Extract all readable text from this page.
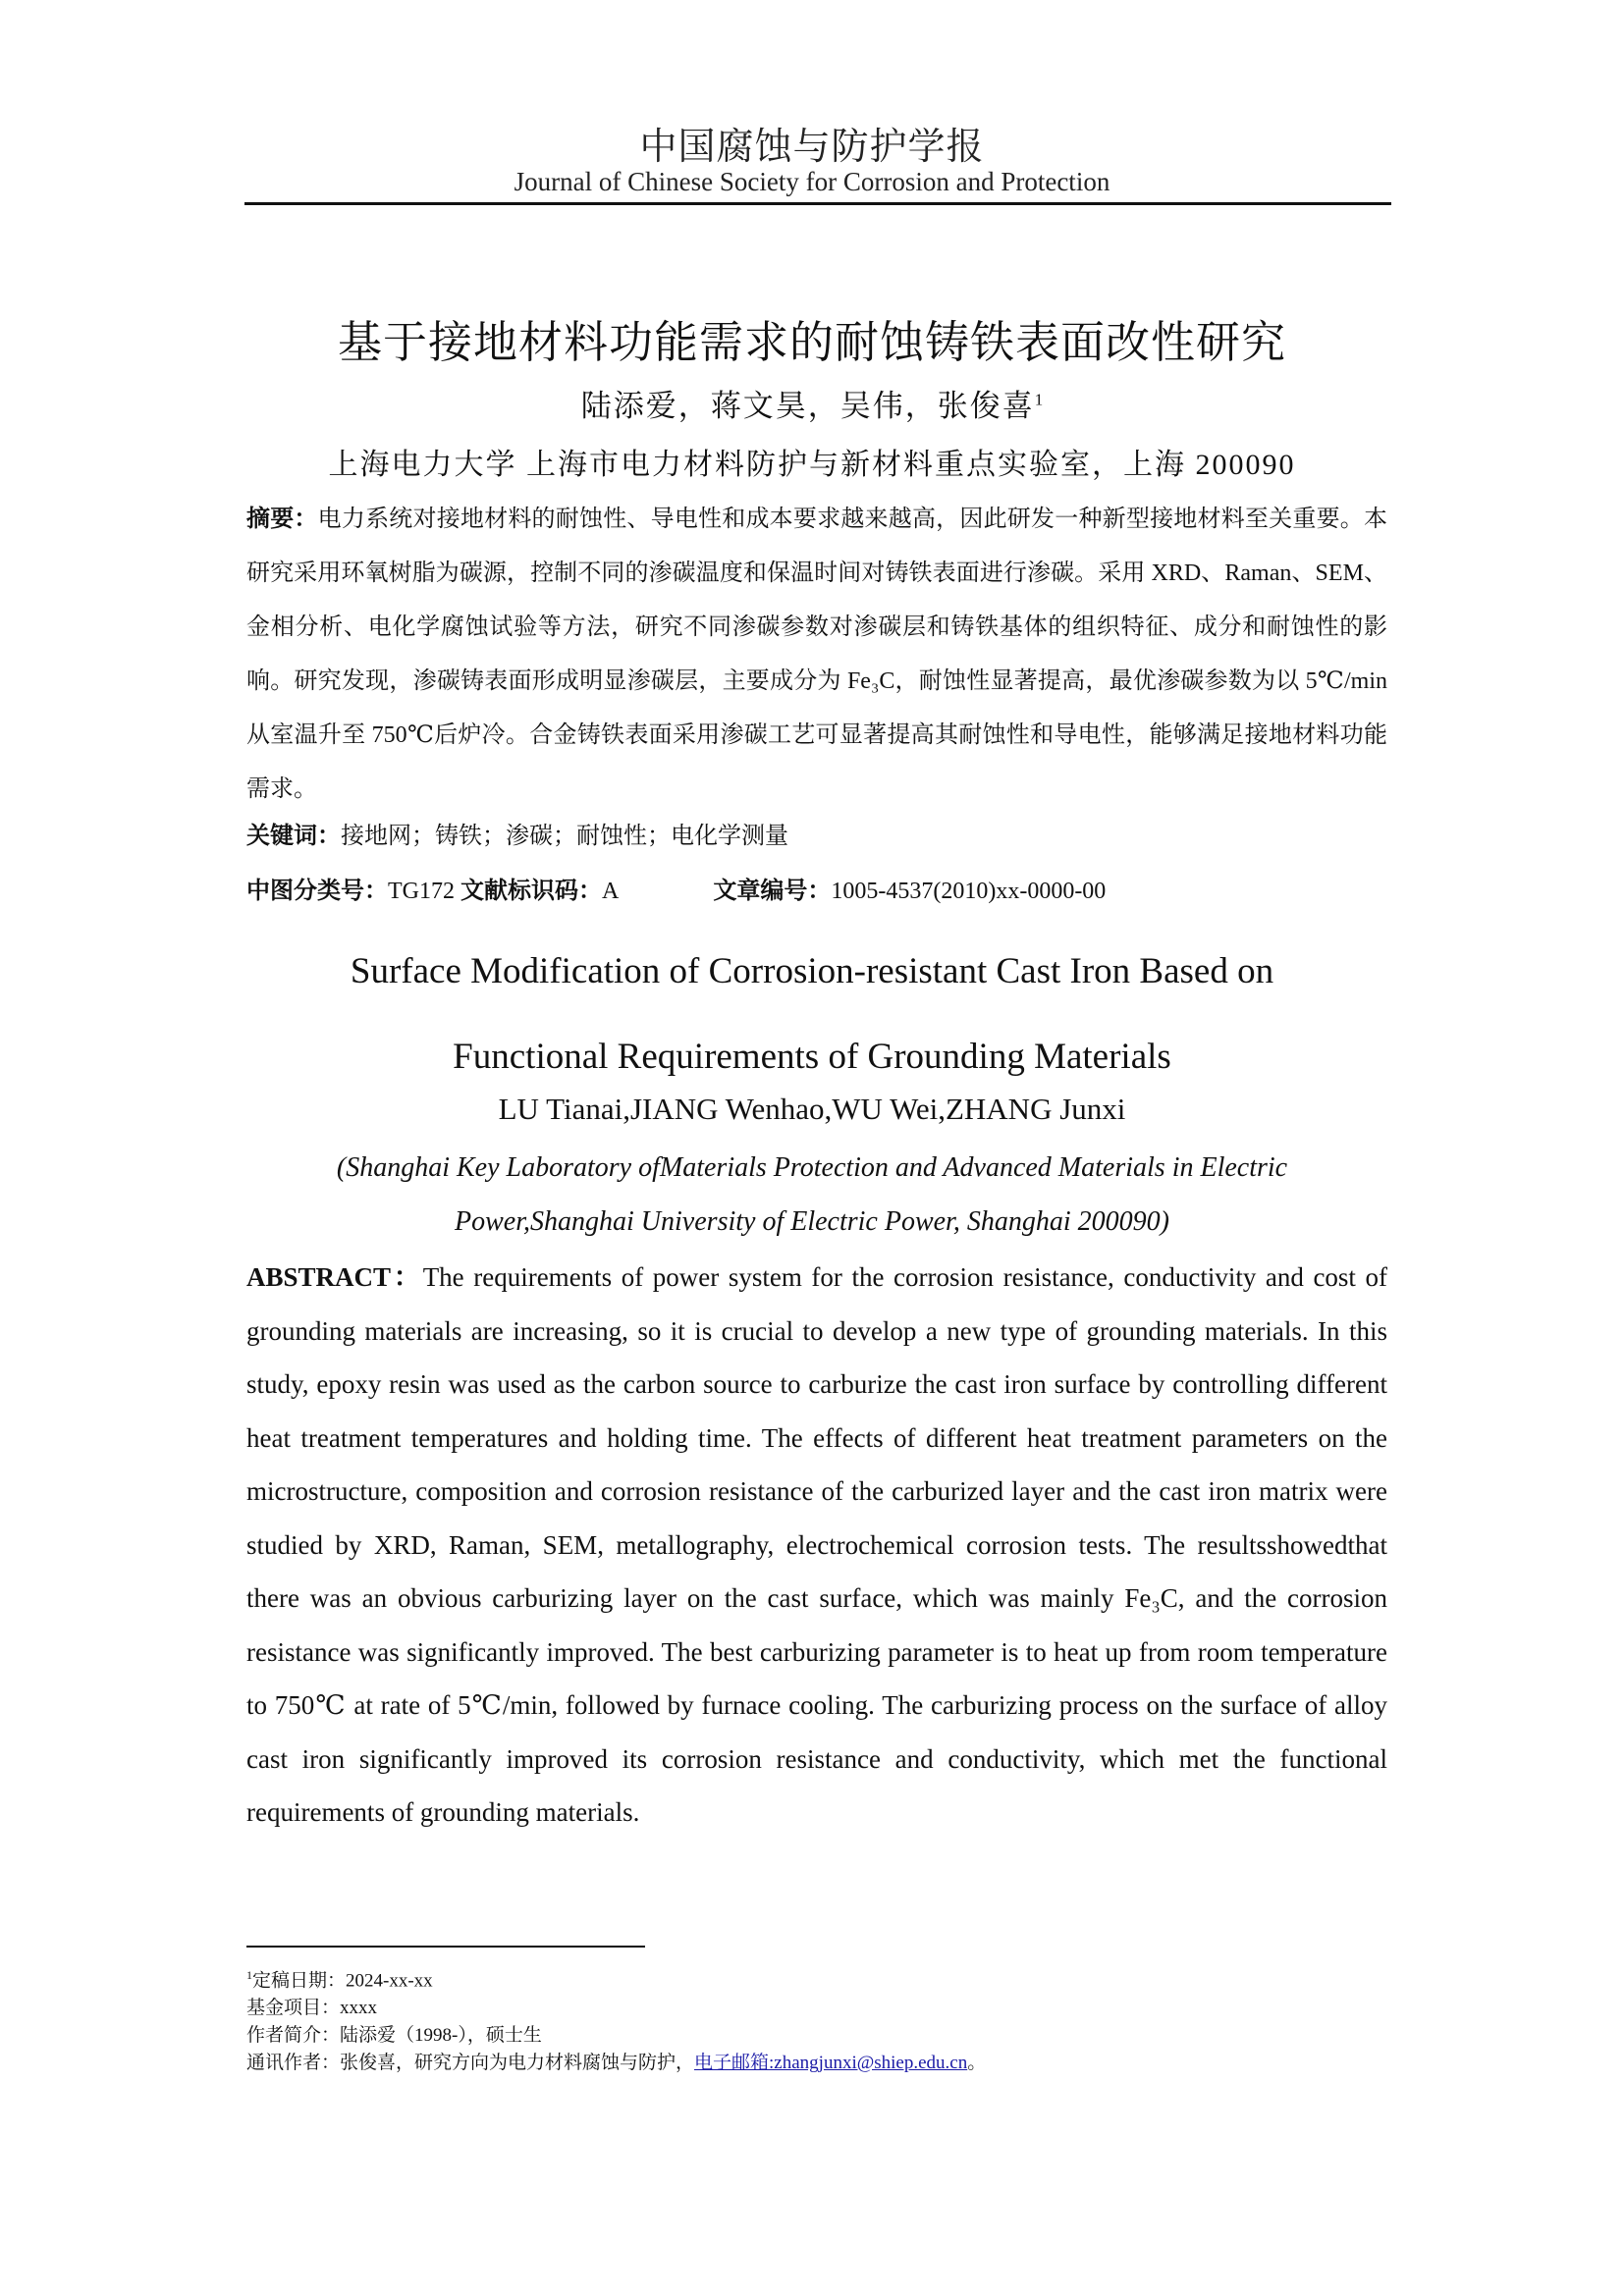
中国腐蚀与防护学报
Journal of Chinese Society for Corrosion and Protection
基于接地材料功能需求的耐蚀铸铁表面改性研究
陆添爱，蒋文昊，吴伟，张俊喜$^1$
上海电力大学 上海市电力材料防护与新材料重点实验室，上海 200090
摘要：电力系统对接地材料的耐蚀性、导电性和成本要求越来越高，因此研发一种新型接地材料至关重要。本研究采用环氧树脂为碳源，控制不同的渗碳温度和保温时间对铸铁表面进行渗碳。采用 XRD、Raman、SEM、金相分析、电化学腐蚀试验等方法，研究不同渗碳参数对渗碳层和铸铁基体的组织特征、成分和耐蚀性的影响。研究发现，渗碳铸表面形成明显渗碳层，主要成分为 Fe₃C，耐蚀性显著提高，最优渗碳参数为以 5℃/min 从室温升至 750℃后炉冷。合金铸铁表面采用渗碳工艺可显著提高其耐蚀性和导电性，能够满足接地材料功能需求。
关键词：接地网；铸铁；渗碳；耐蚀性；电化学测量
中图分类号：TG172 文献标识码：A	文章编号：1005-4537(2010)xx-0000-00
Surface Modification of Corrosion-resistant Cast Iron Based on
Functional Requirements of Grounding Materials
LU Tianai,JIANG Wenhao,WU Wei,ZHANG Junxi
(Shanghai Key Laboratory ofMaterials Protection and Advanced Materials in Electric
Power,Shanghai University of Electric Power, Shanghai 200090)
ABSTRACT：The requirements of power system for the corrosion resistance, conductivity and cost of grounding materials are increasing, so it is crucial to develop a new type of grounding materials. In this study, epoxy resin was used as the carbon source to carburize the cast iron surface by controlling different heat treatment temperatures and holding time. The effects of different heat treatment parameters on the microstructure, composition and corrosion resistance of the carburized layer and the cast iron matrix were studied by XRD, Raman, SEM, metallography, electrochemical corrosion tests. The resultsshowedthat there was an obvious carburizing layer on the cast surface, which was mainly Fe₃C, and the corrosion resistance was significantly improved. The best carburizing parameter is to heat up from room temperature to 750℃ at rate of 5℃/min, followed by furnace cooling. The carburizing process on the surface of alloy cast iron significantly improved its corrosion resistance and conductivity, which met the functional requirements of grounding materials.
$^1$定稿日期：2024-xx-xx
基金项目：xxxx
作者简介：陆添爱（1998-），硕士生
通讯作者：张俊喜，研究方向为电力材料腐蚀与防护，电子邮箱:zhangjunxi@shiep.edu.cn。
